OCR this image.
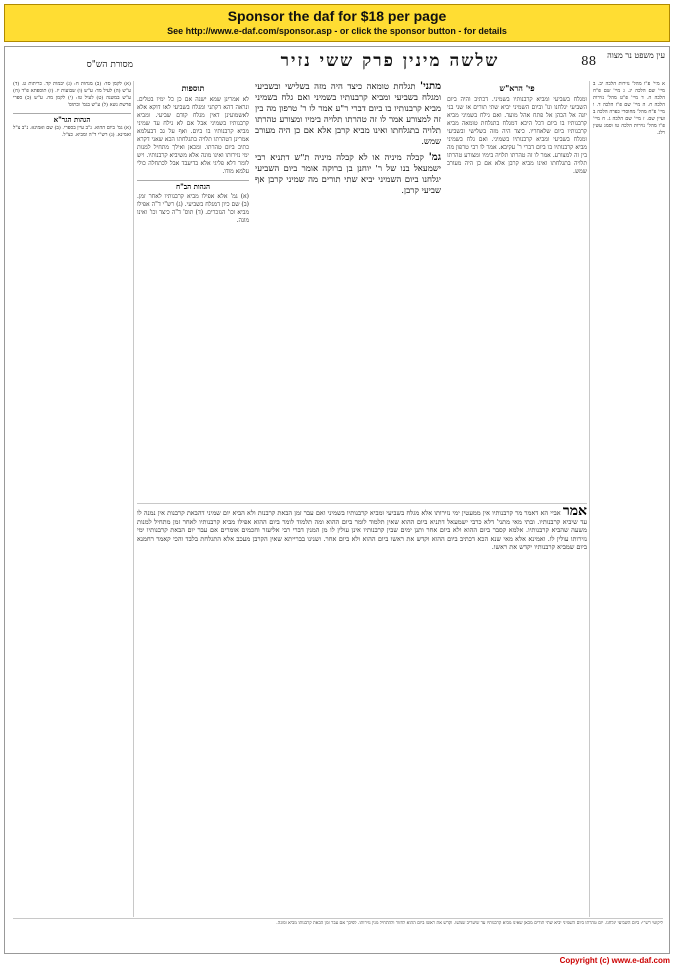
Sponsor the daf for $18 per page
See http://www.e-daf.com/sponsor.asp - or click the sponsor button - for details
88	עין משפט נר מצוה
שלשה מינין פרק ששי נזיר
מסורת הש"ס

א מיי' פ"ו מהל' נזירות הלכה יב. ב מיי' שם הלכה יג. ג מיי' שם פ"ח הלכה ה. ד מיי' פ"ט מהל' נזירות הלכה ח. ה מיי' שם פ"ז הלכה ד. ו מיי' פ"ח מהל' מחוסרי כפרה הלכה ב ועיין שם. ז מיי' שם הלכה ג. ח מיי' פ"ו מהל' נזירות הלכה טו וסמג עשין רלג.

פי' הרא"ש

ומגלח בשביעי ומביא קרבנותיו בשמיני. דכתיב והיה ביום השביעי יגלחנו וגו' וביום השמיני יביא שתי תורים או שני בני יונה אל הכהן אל פתח אהל מועד. ואם גילח בשמיני מביא קרבנותיו בו ביום דכל היכא דמגלח בתגלחת טומאה מביא קרבנותיו ביום שלאחריו. כיצד היה מזה בשלישי ובשביעי ומגלח בשביעי ומביא קרבנותיו בשמיני. ואם גלח בשמיני מביא קרבנותיו בו ביום דברי ר' עקיבא. אמר לו רבי טרפון מה בין זה למצורע. אמר לו זה טהרתו תלויה בימיו ומצורע טהרתו תלויה בתגלחתו ואינו מביא קרבן אלא אם כן היה מעורב שמש.

מתני' תגלחת טומאה כיצד היה מזה בשלישי ובשביעי ומגלח בשביעי ומביא קרבנותיו בשמיני ואם גלח בשמיני מביא קרבנותיו בו ביום דברי ר"ע אמר לו ר' טרפון מה בין זה למצורע אמר לו זה טהרתו תלויה בימיו ומצורע טהרתו תלויה בתגלחתו ואינו מביא קרבן אלא אם כן היה מעורב שמש.

גמ' קבלה מיניה או לא קבלה מיניה ת"ש דתניא רבי ישמעאל בנו של ר' יוחנן בן ברוקה אומר ביום השביעי יגלחנו ביום השמיני יביא שתי תורים מה שמיני קרבן אף שביעי קרבן.

תוספות

לא אמרינן שמא ישנה אם כן כל ימיו בטלים. ונראה דהא דקתני ומגלח בשביעי לאו דוקא אלא לאשמועינן דאין מגלח קודם שביעי. ומביא קרבנותיו בשמיני אבל אם לא גילח עד שמיני מביא קרבנותיו בו ביום. ואף על גב דבעלמא אמרינן דטהרתו תלויה בתגלחתו הכא שאני דקרא כתיב ביום טהרתו. ומכאן ואילך מתחיל למנות ימי נזירותו ואינו מונה אלא משיביא קרבנותיו. ויש לומר דלא פליגי אלא בדיעבד אבל לכתחלה כולי עלמא מודו.

הגהות הב"ח

(א) גמ' אלא אפילו מביא קרבנותיו לאחר זמן. (ב) שם כיון דמגלח בשביעי. (ג) רש"י ד"ה אפילו מביא וכו' הנזכרים. (ד) תוס' ד"ה כיצד וכו' ואינו מונה.

(א) לקמן סד: (ב) מנחות ח: (ג) יבמות קד. כריתות ט. (ד) ע"ש (ה) לעיל מד: ע"ש (ו) שבועות יז. (ז) תוספתא פ"ד (ח) ע"ש במשנה (ט) לעיל טז: (י) לקמן מה. ע"ש (כ) ספרי פרשת נשא (ל) ע"ש בגמ' ובתוס'

הגהות הגר"א

(א) גמ' ביום ההוא. נ"ב עיין בספרי. (ב) שם ואמינא. נ"ב צ"ל ואמינא. (ג) רש"י ד"ה ומביא. כצ"ל.

אמר אביי הא דאמר מר קרבנותיו אין ממעטין ימי נזירותו אלא מגלח בשביעי ומביא קרבנותיו בשמיני ואם עבר זמן הבאת קרבנות ולא הביא יום שמיני דהבאת קרבנות אין נמנה לו עד שיביא קרבנותיו. ובתי מאי מתני' דלא כרבי ישמעאל דתניא ביום ההוא שאין תלמוד לומר ביום ההוא ומה תלמוד לומר ביום ההוא אפילו מביא קרבנותיו לאחר זמן מתחיל למנות משעה שהביא קרבנותיו. אלמא קסבר ביום ההוא ולא ביום אחר ותנן ימים שבין קרבנותיו אינן עולין לו מן המנין דברי רבי אליעזר וחכמים אומרים אם עבר יום הבאת קרבנותיו ימי נזירותו עולין לו. ואמינא אלא מאי שנא הכא דכתיב ביום ההוא וקדש את ראשו ביום ההוא ולא ביום אחר. ושנינו בברייתא שאין הקרבן מעכב אלא התגלחת בלבד והכי קאמר רחמנא ביום שמביא קרבנותיו יקדש את ראשו.

ליקוטי רש"י: ביום השביעי יגלחנו. יום טהרתו ביום השמיני יביא שתי תורים מכאן שאינו מביא קרבנותיו עד שיעריב שמשו. וקדש את ראשו ביום ההוא לחזור ולהתחיל מנין נזירותו. לפיכך אם עבר זמן הבאת קרבנותו מביא ומונה.

Copyright (c) www.e-daf.com
